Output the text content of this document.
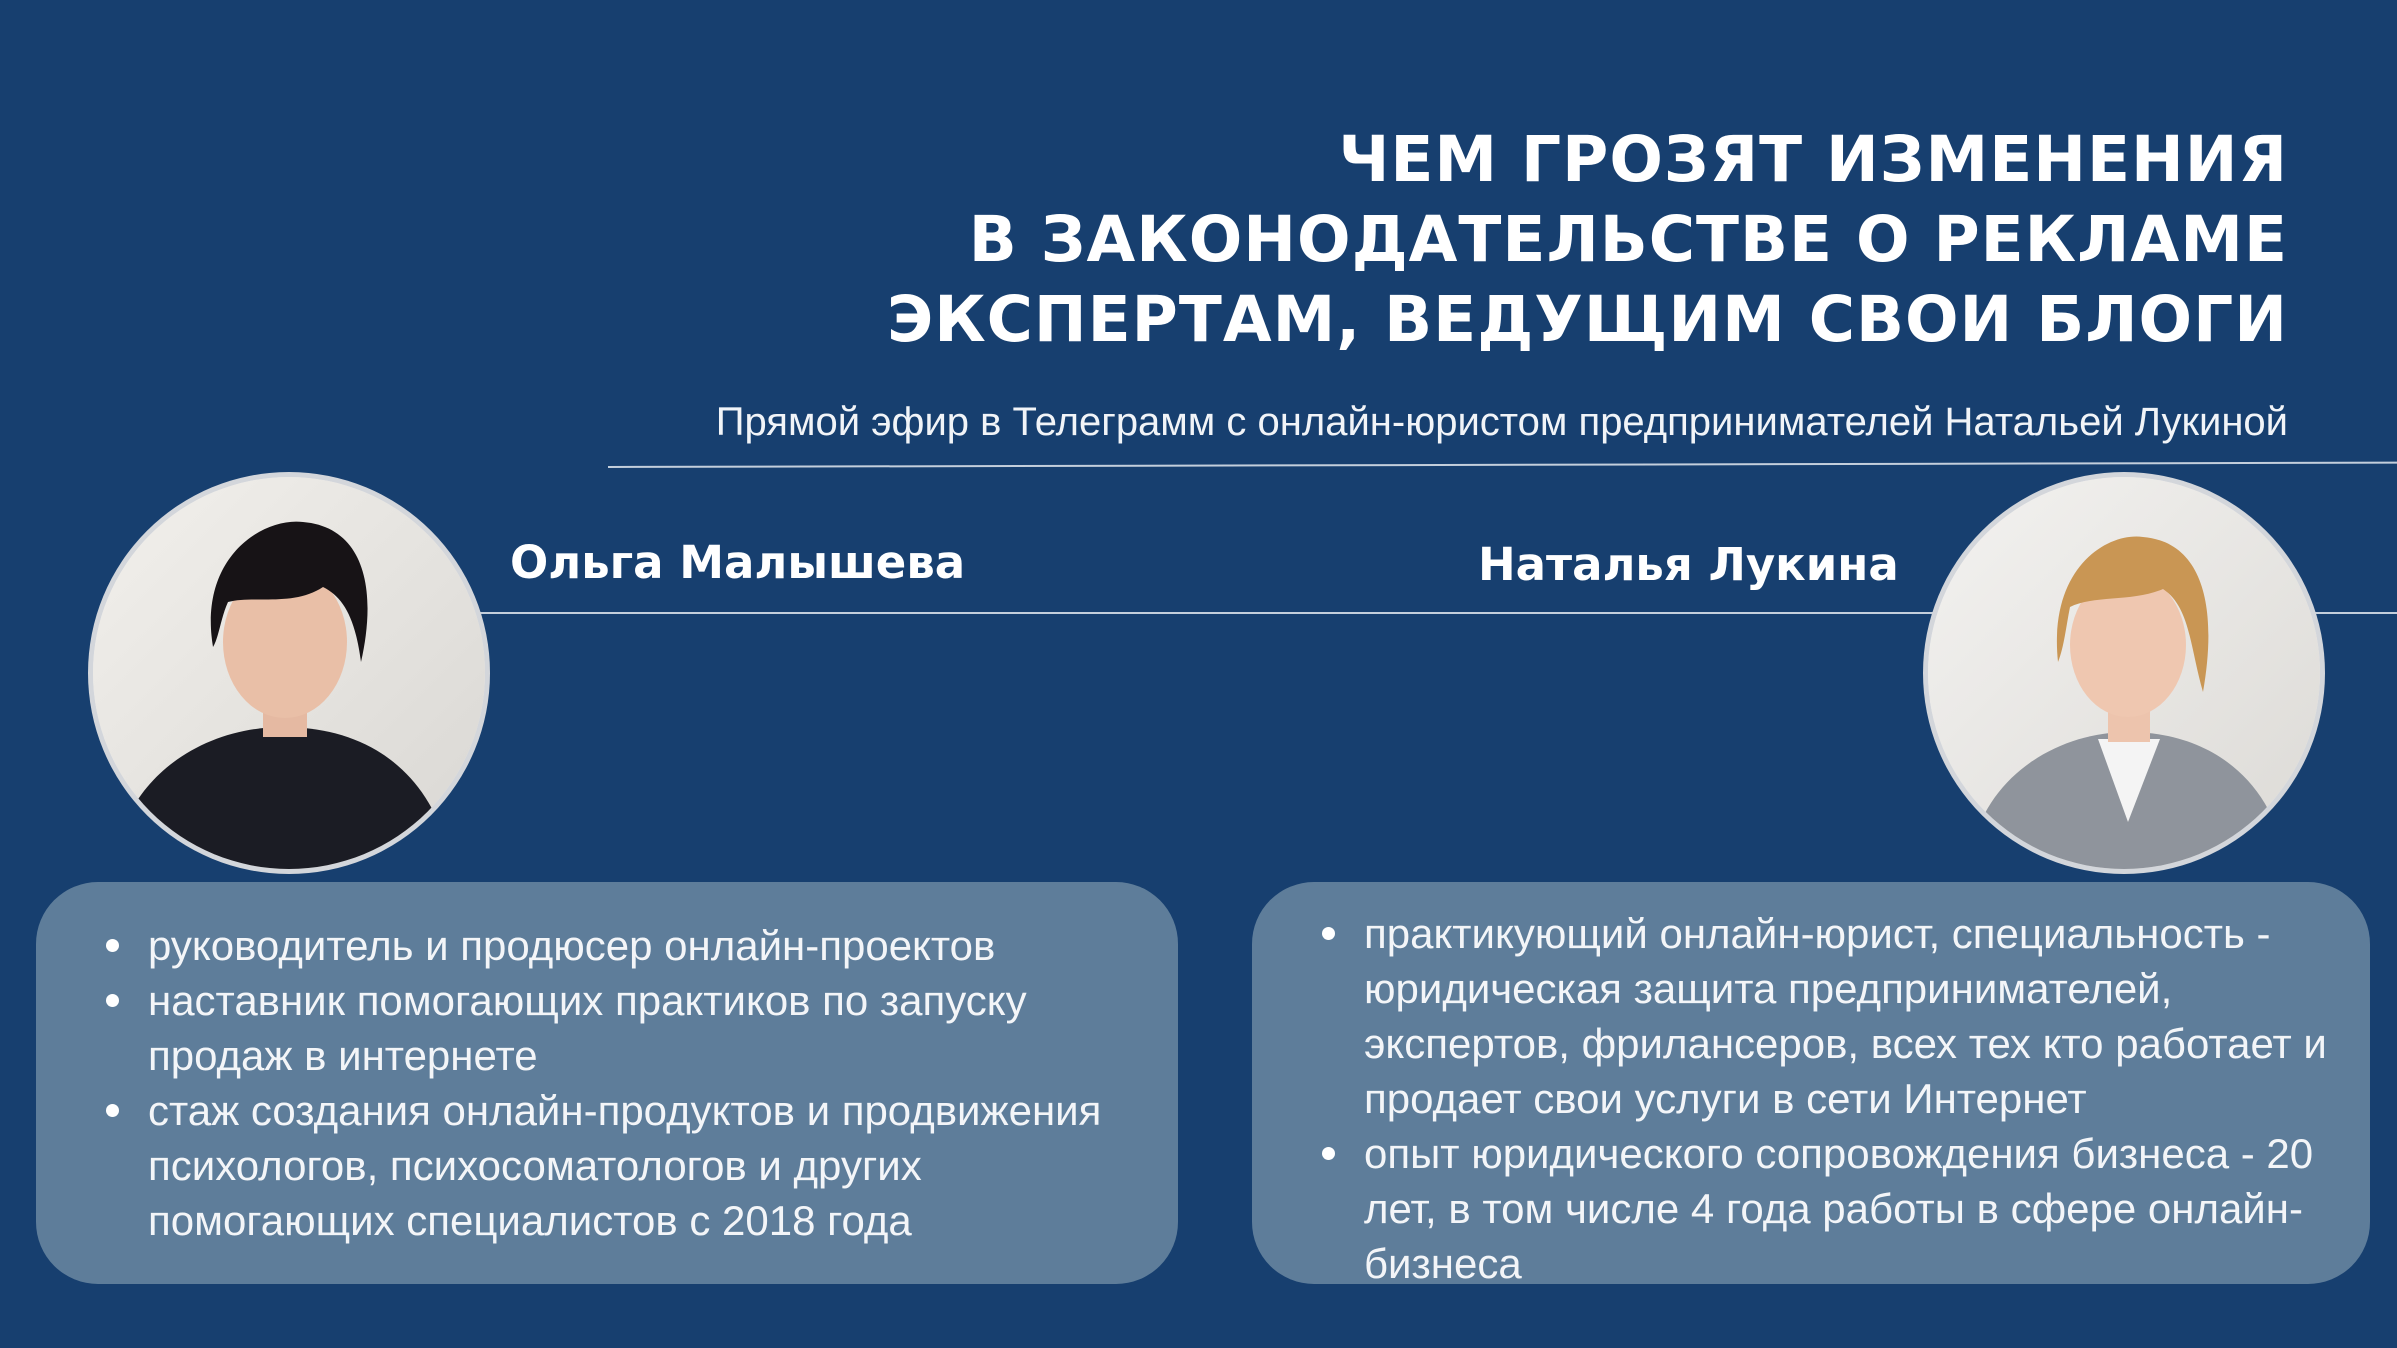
ЧЕМ ГРОЗЯТ ИЗМЕНЕНИЯ
В ЗАКОНОДАТЕЛЬСТВЕ О РЕКЛАМЕ
ЭКСПЕРТАМ, ВЕДУЩИМ СВОИ БЛОГИ
Прямой эфир в Телеграмм с онлайн-юристом предпринимателей Натальей Лукиной
Ольга Малышева	Наталья Лукина
руководитель и продюсер онлайн-проектов
наставник помогающих практиков по запуску продаж в интернете
стаж создания онлайн-продуктов и продвижения психологов, психосоматологов и других помогающих специалистов с 2018 года
практикующий онлайн-юрист, специальность - юридическая защита предпринимателей, экспертов, фрилансеров, всех тех кто работает и продает свои услуги в сети Интернет
опыт юридического сопровождения бизнеса - 20 лет, в том числе 4 года работы в сфере онлайн-бизнеса
